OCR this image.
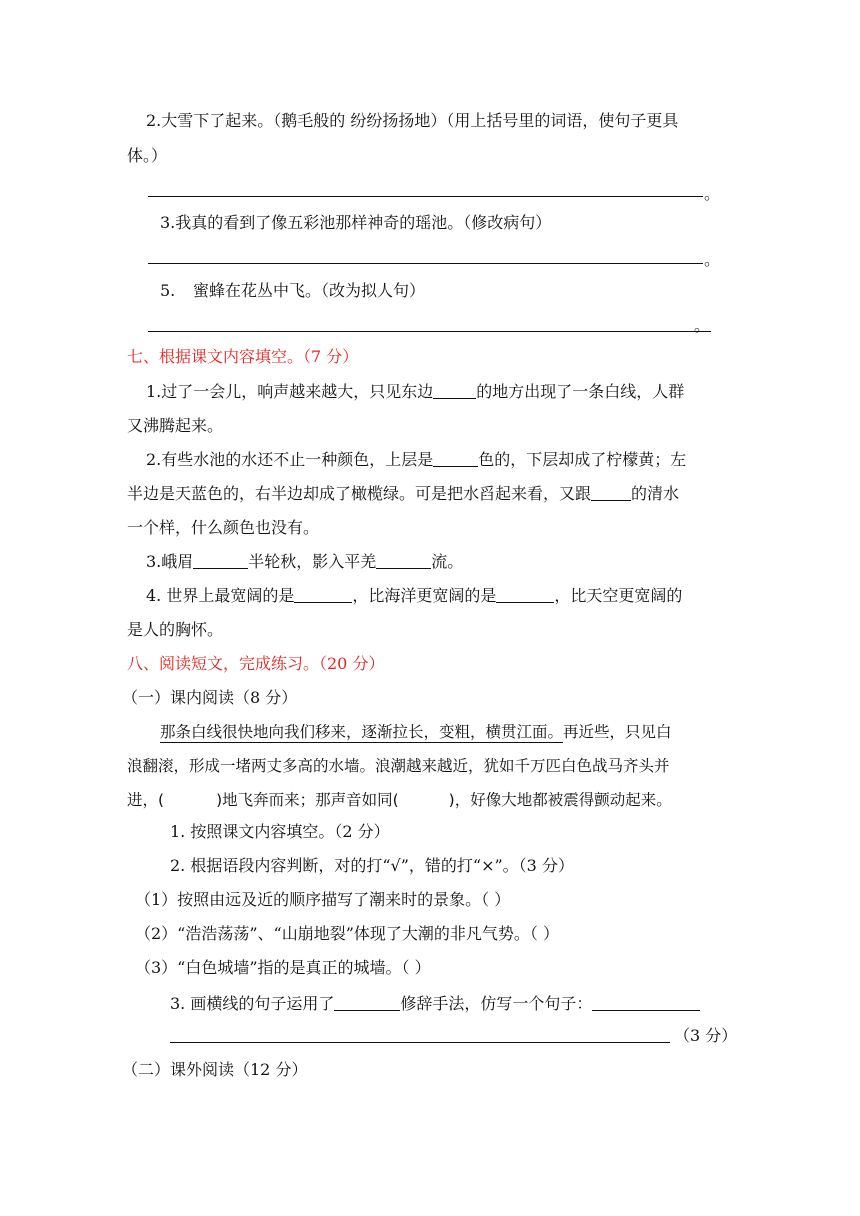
2.大雪下了起来。（鹅毛般的 纷纷扬扬地）（用上括号里的词语，使句子更具
体。）
。
3.我真的看到了像五彩池那样神奇的瑶池。（修改病句）
。
5. 蜜蜂在花丛中飞。（改为拟人句）
。
七、根据课文内容填空。（7 分）
1.过了一会儿，响声越来越大，只见东边	的地方出现了一条白线，人群
又沸腾起来。
2.有些水池的水还不止一种颜色，上层是	色的，下层却成了柠檬黄；左
半边是天蓝色的，右半边却成了橄榄绿。可是把水舀起来看，又跟	的清水
一个样，什么颜色也没有。
3.峨眉	半轮秋，影入平羌	流。
4. 世界上最宽阔的是	，比海洋更宽阔的是	，比天空更宽阔的
是人的胸怀。
八、阅读短文，完成练习。（20 分）
（一）课内阅读（8 分）
那条白线很快地向我们移来，逐渐拉长，变粗，横贯江面。再近些，只见白
浪翻滚，形成一堵两丈多高的水墙。浪潮越来越近，犹如千万匹白色战马齐头并
进，(	)地飞奔而来；那声音如同(	)，好像大地都被震得颤动起来。
1. 按照课文内容填空。（2 分）
2. 根据语段内容判断，对的打“√”，错的打“×”。（3 分）
（1）按照由远及近的顺序描写了潮来时的景象。（ ）
（2）“浩浩荡荡”、“山崩地裂”体现了大潮的非凡气势。（ ）
（3）“白色城墙”指的是真正的城墙。（ ）
3. 画横线的句子运用了	修辞手法，仿写一个句子：
（3 分）
（二）课外阅读（12 分）
